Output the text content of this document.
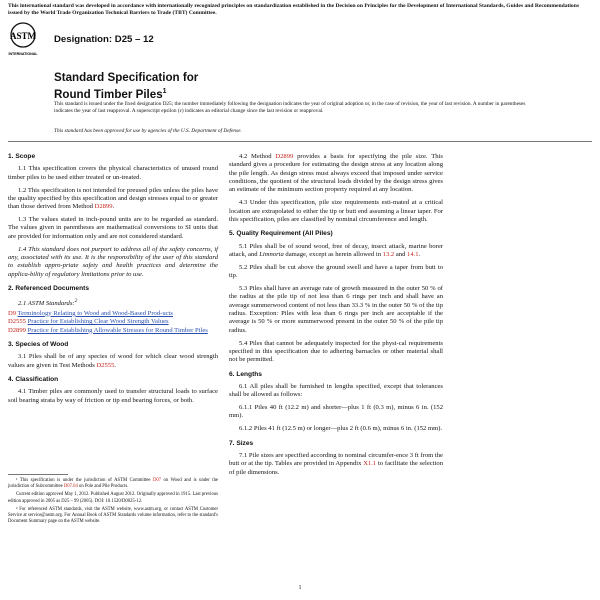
This international standard was developed in accordance with internationally recognized principles on standardization established in the Decision on Principles for the Development of International Standards, Guides and Recommendations issued by the World Trade Organization Technical Barriers to Trade (TBT) Committee.
ASTM
INTERNATIONAL
Designation: D25 – 12
Standard Specification for
Round Timber Piles$^1$
This standard is issued under the fixed designation D25; the number immediately following the designation indicates the year of original adoption or, in the case of revision, the year of last revision. A number in parentheses indicates the year of last reapproval. A superscript epsilon (ε) indicates an editorial change since the last revision or reapproval.
This standard has been approved for use by agencies of the U.S. Department of Defense.
1. Scope

1.1 This specification covers the physical characteristics of unused round timber piles to be used either treated or un-treated.

1.2 This specification is not intended for preused piles unless the piles have the quality specified by this specification and design stresses equal to or greater than those derived from Method D2899.

1.3 The values stated in inch-pound units are to be regarded as standard. The values given in parentheses are mathematical conversions to SI units that are provided for information only and are not considered standard.

1.4 This standard does not purport to address all of the safety concerns, if any, associated with its use. It is the responsibility of the user of this standard to establish appro-priate safety and health practices and determine the applica-bility of regulatory limitations prior to use.

2. Referenced Documents

2.1 ASTM Standards:$^2$

D9 Terminology Relating to Wood and Wood-Based Prod-ucts
D2555 Practice for Establishing Clear Wood Strength Values
D2899 Practice for Establishing Allowable Stresses for Round Timber Piles
3. Species of Wood

3.1 Piles shall be of any species of wood for which clear wood strength values are given in Test Methods D2555.

4. Classification

4.1 Timber piles are commonly used to transfer structural loads to surface soil bearing strata by way of friction or tip end bearing forces, or both.

¹ This specification is under the jurisdiction of ASTM Committee D07 on Wood and is under the jurisdiction of Subcommittee D07.04 on Pole and Pile Products.

Current edition approved May 1, 2012. Published August 2012. Originally approved in 1915. Last previous edition approved in 2005 as D25 – 99 (2005). DOI: 10.1520/D0025-12.

² For referenced ASTM standards, visit the ASTM website, www.astm.org, or contact ASTM Customer Service at service@astm.org. For Annual Book of ASTM Standards volume information, refer to the standard's Document Summary page on the ASTM website.

4.2 Method D2899 provides a basis for specifying the pile size. This standard gives a procedure for estimating the design stress at any location along the pile length. As design stress must always exceed that imposed under service conditions, the quotient of the structural loads divided by the design stress gives an estimate of the minimum section property required at any location.

4.3 Under this specification, pile size requirements esti-mated at a critical location are extrapolated to either the tip or butt end assuming a linear taper. For this specification, piles are classified by nominal circumference and length.

5. Quality Requirement (All Piles)

5.1 Piles shall be of sound wood, free of decay, insect attack, marine borer attack, and Limnoria damage, except as herein allowed in 13.2 and 14.1.

5.2 Piles shall be cut above the ground swell and have a taper from butt to tip.

5.3 Piles shall have an average rate of growth measured in the outer 50 % of the radius at the pile tip of not less than 6 rings per inch and shall have an average summerwood content of not less than 33.3 % in the outer 50 % of the tip radius. Exception: Piles with less than 6 rings per inch are acceptable if the average is 50 % or more summerwood present in the outer 50 % of the pile tip radius.

5.4 Piles that cannot be adequately inspected for the physi-cal requirements specified in this specification due to adhering barnacles or other material shall not be permitted.

6. Lengths

6.1 All piles shall be furnished in lengths specified, except that tolerances shall be allowed as follows:

6.1.1 Piles 40 ft (12.2 m) and shorter—plus 1 ft (0.3 m), minus 6 in. (152 mm).

6.1.2 Piles 41 ft (12.5 m) or longer—plus 2 ft (0.6 m), minus 6 in. (152 mm).

7. Sizes

7.1 Pile sizes are specified according to nominal circumfer-ence 3 ft from the butt or at the tip. Tables are provided in Appendix X1.1 to facilitate the selection of pile dimensions.

1
